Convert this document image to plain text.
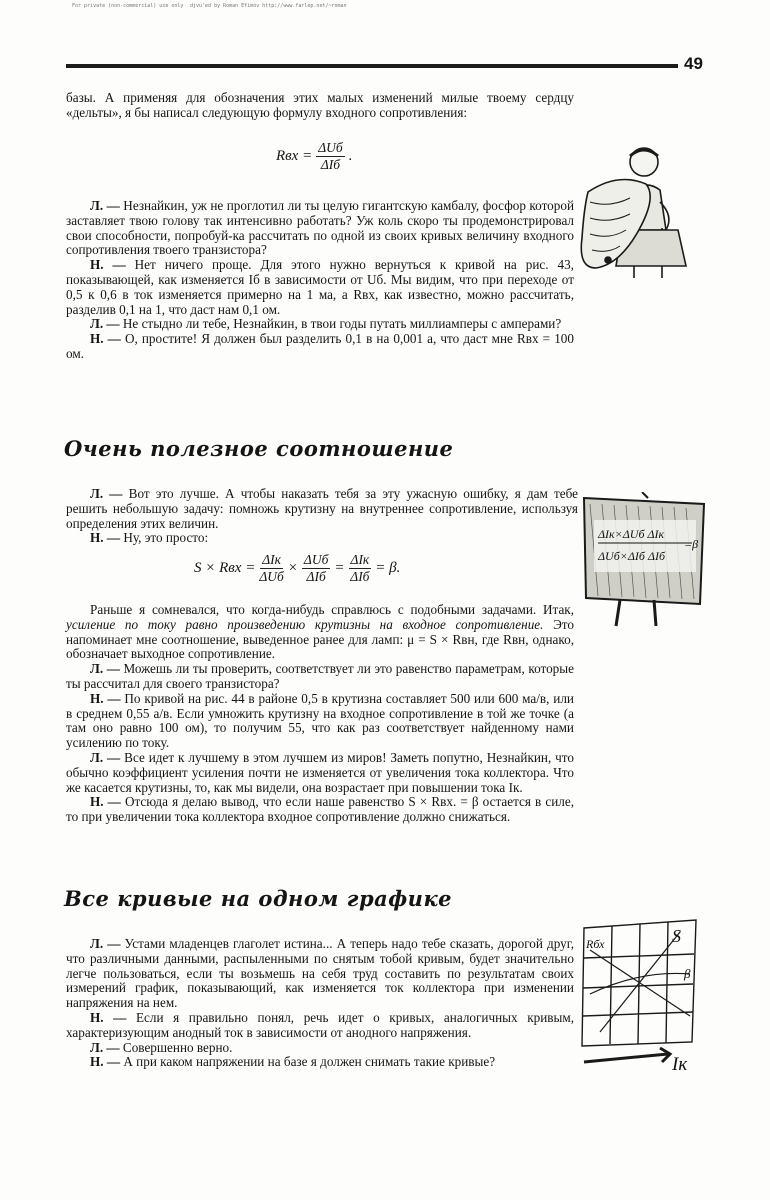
For private (non-commercial) use only djvu'ed by Roman Efimov http://www.farlep.net/~roman
49

базы. А применяя для обозначения этих малых изменений милые твоему сердцу «дельты», я бы написал следующую формулу входного сопротивления:

Rвх = $\frac{\text{ΔUб}}{\text{ΔIб}}$ .

Л. — Незнайкин, уж не проглотил ли ты целую гигантскую камбалу, фосфор которой заставляет твою голову так интенсивно работать? Уж коль скоро ты продемонстрировал свои способности, попробуй-ка рассчитать по одной из своих кривых величину входного сопротивления твоего транзистора?

Н. — Нет ничего проще. Для этого нужно вернуться к кривой на рис. 43, показывающей, как изменяется Iб в зависимости от Uб. Мы видим, что при переходе от 0,5 к 0,6 в ток изменяется примерно на 1 ма, а Rвх, как известно, можно рассчитать, разделив 0,1 на 1, что даст нам 0,1 ом.

Л. — Не стыдно ли тебе, Незнайкин, в твои годы путать миллиамперы с амперами?

Н. — О, простите! Я должен был разделить 0,1 в на 0,001 а, что даст мне Rвх = 100 ом.

Очень полезное соотношение

Л. — Вот это лучше. А чтобы наказать тебя за эту ужасную ошибку, я дам тебе решить небольшую задачу: помножь крутизну на внутреннее сопротивление, используя определения этих величин.

Н. — Ну, это просто:

S × Rвх = $\frac{\text{ΔIк}}{\text{ΔUб}} \times \frac{\text{ΔUб}}{\text{ΔIб}} = \frac{\text{ΔIк}}{\text{ΔIб}} = \beta$.

Раньше я сомневался, что когда-нибудь справлюсь с подобными задачами. Итак, усиление по току равно произведению крутизны на входное сопротивление. Это напоминает мне соотношение, выведенное ранее для ламп: μ = S × Rвн, где Rвн, однако, обозначает выходное сопротивление.

Л. — Можешь ли ты проверить, соответствует ли это равенство параметрам, которые ты рассчитал для своего транзистора?

Н. — По кривой на рис. 44 в районе 0,5 в крутизна составляет 500 или 600 ма/в, или в среднем 0,55 а/в. Если умножить крутизну на входное сопротивление в той же точке (а там оно равно 100 ом), то получим 55, что как раз соответствует найденному нами усилению по току.

Л. — Все идет к лучшему в этом лучшем из миров! Заметь попутно, Незнайкин, что обычно коэффициент усиления почти не изменяется от увеличения тока коллектора. Что же касается крутизны, то, как мы видели, она возрастает при повышении тока Iк.

Н. — Отсюда я делаю вывод, что если наше равенство S × Rвх. = β остается в силе, то при увеличении тока коллектора входное сопротивление должно снижаться.

ΔIк×ΔUб ΔIк
ΔUб×ΔIб ΔIб
=β
Все кривые на одном графике

Л. — Устами младенцев глаголет истина... А теперь надо тебе сказать, дорогой друг, что различными данными, распыленными по снятым тобой кривым, будет значительно легче пользоваться, если ты возьмешь на себя труд составить по результатам своих измерений график, показывающий, как изменяется ток коллектора при изменении напряжения на нем.

Н. — Если я правильно понял, речь идет о кривых, аналогичных кривым, характеризующим анодный ток в зависимости от анодного напряжения.

Л. — Совершенно верно.

Н. — А при каком напряжении на базе я должен снимать такие кривые?

Rбх	S
β
Iк
